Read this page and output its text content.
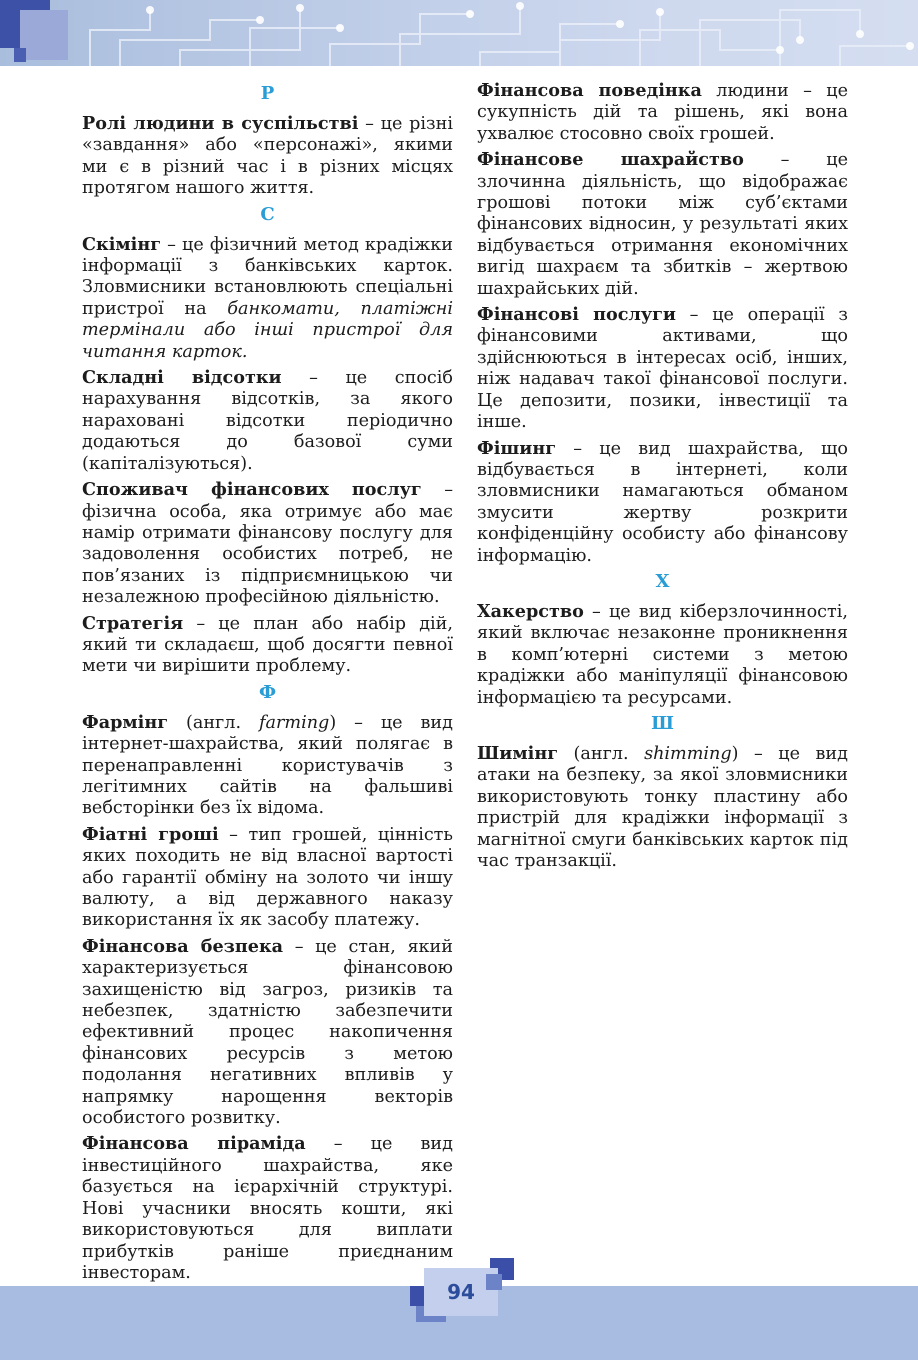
Р

Ролі людини в суспільстві – це різні «завдання» або «персонажі», якими ми є в різний час і в різних місцях протягом нашого життя.

С

Скімінг – це фізичний метод крадіжки інформації з банківських карток. Зловмисники встановлюють спеціальні пристрої на банкомати, платіжні термінали або інші пристрої для читання карток.

Складні відсотки – це спосіб нарахування відсотків, за якого нараховані відсотки періодично додаються до базової суми (капіталізуються).

Споживач фінансових послуг – фізична особа, яка отримує або має намір отримати фінансову послугу для задоволення особистих потреб, не пов’язаних із підприємницькою чи незалежною професійною діяльністю.

Стратегія – це план або набір дій, який ти складаєш, щоб досягти певної мети чи вирішити проблему.

Ф

Фармінг (англ. farming) – це вид інтернет-шахрайства, який полягає в перенаправленні користувачів з легітимних сайтів на фальшиві вебсторінки без їх відома.

Фіатні гроші – тип грошей, цінність яких походить не від власної вартості або гарантії обміну на золото чи іншу валюту, а від державного наказу використання їх як засобу платежу.

Фінансова безпека – це стан, який характеризується фінансовою захищеністю від загроз, ризиків та небезпек, здатністю забезпечити ефективний процес накопичення фінансових ресурсів з метою подолання негативних впливів у напрямку нарощення векторів особистого розвитку.

Фінансова піраміда – це вид інвестиційного шахрайства, яке базується на ієрархічній структурі. Нові учасники вносять кошти, які використовуються для виплати прибутків раніше приєднаним інвесторам.

Фінансова поведінка людини – це сукупність дій та рішень, які вона ухвалює стосовно своїх грошей.

Фінансове шахрайство – це злочинна діяльність, що відображає грошові потоки між суб’єктами фінансових відносин, у результаті яких відбувається отримання економічних вигід шахраєм та збитків – жертвою шахрайських дій.

Фінансові послуги – це операції з фінансовими активами, що здійснюються в інтересах осіб, інших, ніж надавач такої фінансової послуги. Це депозити, позики, інвестиції та інше.

Фішинг – це вид шахрайства, що відбувається в інтернеті, коли зловмисники намагаються обманом змусити жертву розкрити конфіденційну особисту або фінансову інформацію.

Х

Хакерство – це вид кіберзлочинності, який включає незаконне проникнення в комп’ютерні системи з метою крадіжки або маніпуляції фінансовою інформацією та ресурсами.

Ш

Шимінг (англ. shimming) – це вид атаки на безпеку, за якої зловмисники використовують тонку пластину або пристрій для крадіжки інформації з магнітної смуги банківських карток під час транзакції.

94
